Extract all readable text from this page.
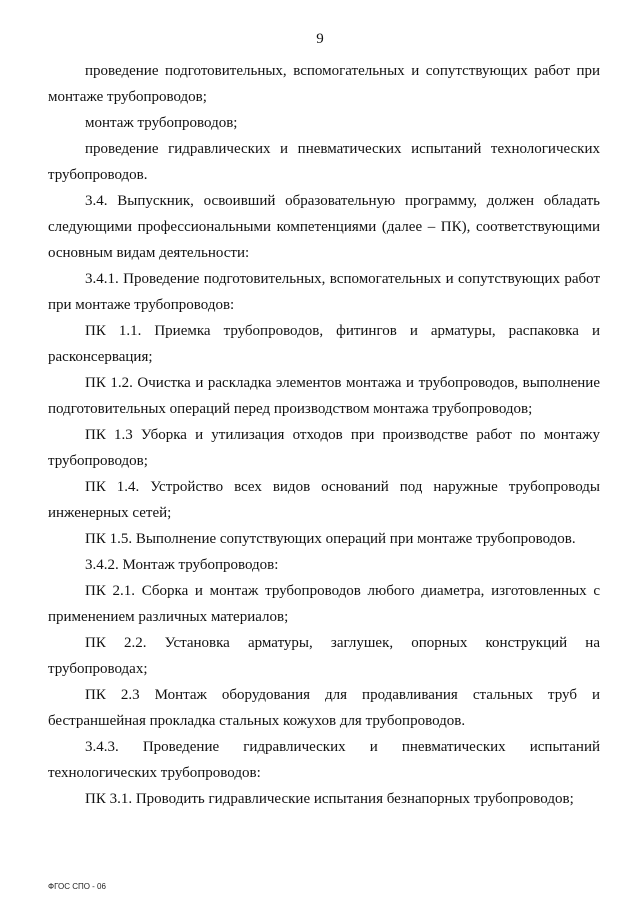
9

проведение подготовительных, вспомогательных и сопутствующих работ при монтаже трубопроводов;

монтаж трубопроводов;

проведение гидравлических и пневматических испытаний технологических трубопроводов.

3.4. Выпускник, освоивший образовательную программу, должен обладать следующими профессиональными компетенциями (далее – ПК), соответствующими основным видам деятельности:

3.4.1. Проведение подготовительных, вспомогательных и сопутствующих работ при монтаже трубопроводов:

ПК 1.1. Приемка трубопроводов, фитингов и арматуры, распаковка и расконсервация;

ПК 1.2. Очистка и раскладка элементов монтажа и трубопроводов, выполнение подготовительных операций перед производством монтажа трубопроводов;

ПК 1.3 Уборка и утилизация отходов при производстве работ по монтажу трубопроводов;

ПК 1.4. Устройство всех видов оснований под наружные трубопроводы инженерных сетей;

ПК 1.5. Выполнение сопутствующих операций при монтаже трубопроводов.

3.4.2. Монтаж трубопроводов:

ПК 2.1. Сборка и монтаж трубопроводов любого диаметра, изготовленных с применением различных материалов;

ПК 2.2. Установка арматуры, заглушек, опорных конструкций на трубопроводах;

ПК 2.3 Монтаж оборудования для продавливания стальных труб и бестраншейная прокладка стальных кожухов для трубопроводов.

3.4.3. Проведение гидравлических и пневматических испытаний технологических трубопроводов:

ПК 3.1. Проводить гидравлические испытания безнапорных трубопроводов;

ФГОС СПО - 06
